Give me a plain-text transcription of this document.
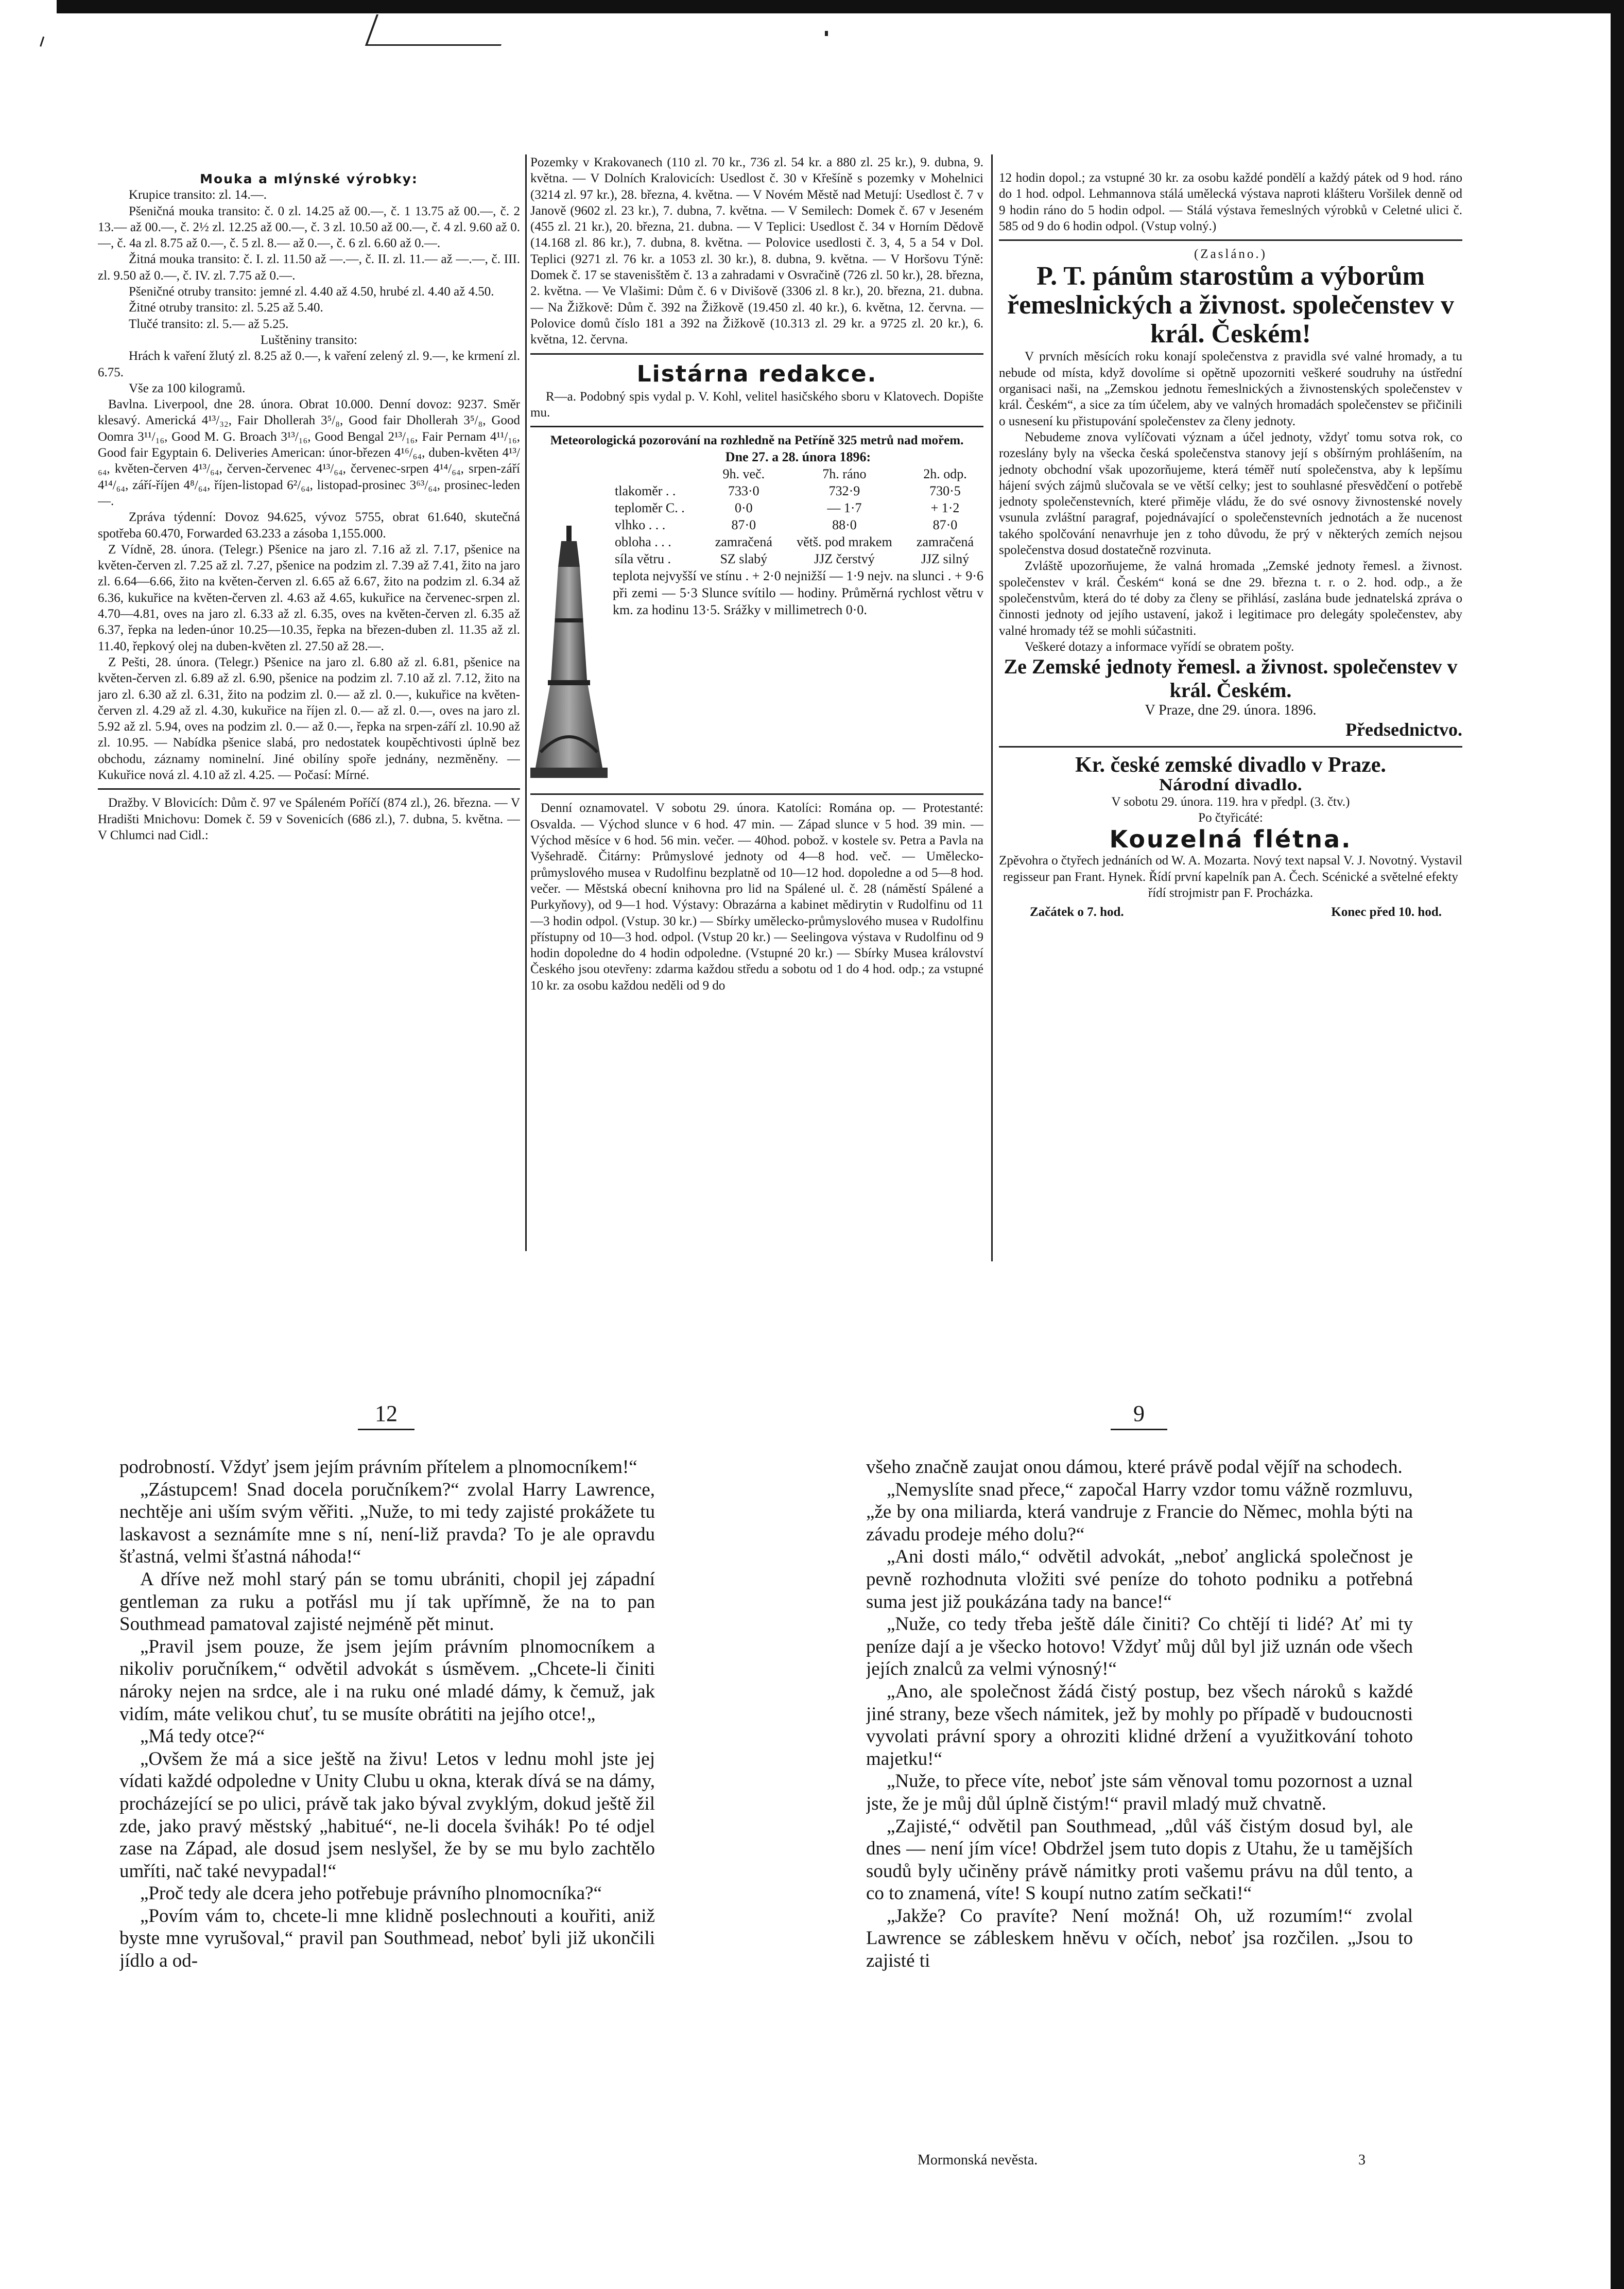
Mouka a mlýnské výrobky:

Krupice transito: zl. 14.—.

Pšeničná mouka transito: č. 0 zl. 14.25 až 00.—, č. 1 13.75 až 00.—, č. 2 13.— až 00.—, č. 2½ zl. 12.25 až 00.—, č. 3 zl. 10.50 až 00.—, č. 4 zl. 9.60 až 0.—, č. 4a zl. 8.75 až 0.—, č. 5 zl. 8.— až 0.—, č. 6 zl. 6.60 až 0.—.

Žitná mouka transito: č. I. zl. 11.50 až —.—, č. II. zl. 11.— až —.—, č. III. zl. 9.50 až 0.—, č. IV. zl. 7.75 až 0.—.

Pšeničné otruby transito: jemné zl. 4.40 až 4.50, hrubé zl. 4.40 až 4.50.

Žitné otruby transito: zl. 5.25 až 5.40.

Tlučé transito: zl. 5.— až 5.25.

Luštěniny transito:

Hrách k vaření žlutý zl. 8.25 až 0.—, k vaření zelený zl. 9.—, ke krmení zl. 6.75.

Vše za 100 kilogramů.

Bavlna. Liverpool, dne 28. února. Obrat 10.000. Denní dovoz: 9237. Směr klesavý. Americká 4¹³/₃₂, Fair Dhollerah 3⁵/₈, Good fair Dhollerah 3⁵/₈, Good Oomra 3¹¹/₁₆, Good M. G. Broach 3¹³/₁₆, Good Bengal 2¹³/₁₆, Fair Pernam 4¹¹/₁₆, Good fair Egyptain 6. Deliveries American: únor-březen 4¹⁶/₆₄, duben-květen 4¹³/₆₄, květen-červen 4¹³/₆₄, červen-červenec 4¹³/₆₄, červenec-srpen 4¹⁴/₆₄, srpen-září 4¹⁴/₆₄, září-říjen 4⁸/₆₄, říjen-listopad 6²/₆₄, listopad-prosinec 3⁶³/₆₄, prosinec-leden —.

Zpráva týdenní: Dovoz 94.625, vývoz 5755, obrat 61.640, skutečná spotřeba 60.470, Forwarded 63.233 a zásoba 1,155.000.

Z Vídně, 28. února. (Telegr.) Pšenice na jaro zl. 7.16 až zl. 7.17, pšenice na květen-červen zl. 7.25 až zl. 7.27, pšenice na podzim zl. 7.39 až 7.41, žito na jaro zl. 6.64—6.66, žito na květen-červen zl. 6.65 až 6.67, žito na podzim zl. 6.34 až 6.36, kukuřice na květen-červen zl. 4.63 až 4.65, kukuřice na červenec-srpen zl. 4.70—4.81, oves na jaro zl. 6.33 až zl. 6.35, oves na květen-červen zl. 6.35 až 6.37, řepka na leden-únor 10.25—10.35, řepka na březen-duben zl. 11.35 až zl. 11.40, řepkový olej na duben-květen zl. 27.50 až 28.—.

Z Pešti, 28. února. (Telegr.) Pšenice na jaro zl. 6.80 až zl. 6.81, pšenice na květen-červen zl. 6.89 až zl. 6.90, pšenice na podzim zl. 7.10 až zl. 7.12, žito na jaro zl. 6.30 až zl. 6.31, žito na podzim zl. 0.— až zl. 0.—, kukuřice na květen-červen zl. 4.29 až zl. 4.30, kukuřice na říjen zl. 0.— až zl. 0.—, oves na jaro zl. 5.92 až zl. 5.94, oves na podzim zl. 0.— až 0.—, řepka na srpen-září zl. 10.90 až zl. 10.95. — Nabídka pšenice slabá, pro nedostatek koupěchtivosti úplně bez obchodu, záznamy nominelní. Jiné obilíny spoře jednány, nezměněny. — Kukuřice nová zl. 4.10 až zl. 4.25. — Počasí: Mírné.

Dražby. V Blovicích: Dům č. 97 ve Spáleném Poříčí (874 zl.), 26. března. — V Hradišti Mnichovu: Domek č. 59 v Sovenicích (686 zl.), 7. dubna, 5. května. — V Chlumci nad Cidl.:

Pozemky v Krakovanech (110 zl. 70 kr., 736 zl. 54 kr. a 880 zl. 25 kr.), 9. dubna, 9. května. — V Dolních Kralovicích: Usedlost č. 30 v Křešíně s pozemky v Mohelnici (3214 zl. 97 kr.), 28. března, 4. května. — V Novém Městě nad Metují: Usedlost č. 7 v Janově (9602 zl. 23 kr.), 7. dubna, 7. května. — V Semilech: Domek č. 67 v Jeseném (455 zl. 21 kr.), 20. března, 21. dubna. — V Teplici: Usedlost č. 34 v Horním Dědově (14.168 zl. 86 kr.), 7. dubna, 8. května. — Polovice usedlosti č. 3, 4, 5 a 54 v Dol. Teplici (9271 zl. 76 kr. a 1053 zl. 30 kr.), 8. dubna, 9. května. — V Horšovu Týně: Domek č. 17 se stavenisštěm č. 13 a zahradami v Osvračině (726 zl. 50 kr.), 28. března, 2. května. — Ve Vlašimi: Dům č. 6 v Divišově (3306 zl. 8 kr.), 20. března, 21. dubna. — Na Žižkově: Dům č. 392 na Žižkově (19.450 zl. 40 kr.), 6. května, 12. června. — Polovice domů číslo 181 a 392 na Žižkově (10.313 zl. 29 kr. a 9725 zl. 20 kr.), 6. května, 12. června.

Listárna redakce.

R—a. Podobný spis vydal p. V. Kohl, velitel hasičského sboru v Klatovech. Dopište mu.

Meteorologická pozorování na rozhledně na Petříně 325 metrů nad mořem.
Dne 27. a 28. února 1896:
	9h. več.	7h. ráno	2h. odp.
tlakoměr . .	733·0	732·9	730·5
teploměr C. .	0·0	— 1·7	+ 1·2
vlhko . . .	87·0	88·0	87·0
obloha . . .	zamračená	větš. pod mrakem	zamračená
síla větru .	SZ slabý	JJZ čerstvý	JJZ silný

teplota nejvyšší ve stínu . + 2·0 nejnižší — 1·9 nejv. na slunci . + 9·6 při zemi — 5·3 Slunce svítilo — hodiny. Průměrná rychlost větru v km. za hodinu 13·5. Srážky v millimetrech 0·0.

Denní oznamovatel. V sobotu 29. února. Katolíci: Romána op. — Protestanté: Osvalda. — Východ slunce v 6 hod. 47 min. — Západ slunce v 5 hod. 39 min. — Východ měsíce v 6 hod. 56 min. večer. — 40hod. pobož. v kostele sv. Petra a Pavla na Vyšehradě. Čitárny: Průmyslové jednoty od 4—8 hod. več. — Umělecko-průmyslového musea v Rudolfinu bezplatně od 10—12 hod. dopoledne a od 5—8 hod. večer. — Městská obecní knihovna pro lid na Spálené ul. č. 28 (náměstí Spálené a Purkyňovy), od 9—1 hod. Výstavy: Obrazárna a kabinet mědirytin v Rudolfinu od 11—3 hodin odpol. (Vstup. 30 kr.) — Sbírky umělecko-průmyslového musea v Rudolfinu přístupny od 10—3 hod. odpol. (Vstup 20 kr.) — Seelingova výstava v Rudolfinu od 9 hodin dopoledne do 4 hodin odpoledne. (Vstupné 20 kr.) — Sbírky Musea království Českého jsou otevřeny: zdarma každou středu a sobotu od 1 do 4 hod. odp.; za vstupné 10 kr. za osobu každou neděli od 9 do

12 hodin dopol.; za vstupné 30 kr. za osobu každé pondělí a každý pátek od 9 hod. ráno do 1 hod. odpol. Lehmannova stálá umělecká výstava naproti klášteru Voršilek denně od 9 hodin ráno do 5 hodin odpol. — Stálá výstava řemeslných výrobků v Celetné ulici č. 585 od 9 do 6 hodin odpol. (Vstup volný.)

(Zasláno.)
P. T. pánům starostům a výborům řemeslnických a živnost. společenstev v král. Českém!

V prvních měsících roku konají společenstva z pravidla své valné hromady, a tu nebude od místa, když dovolíme si opětně upozorniti veškeré soudruhy na ústřední organisaci naši, na „Zemskou jednotu řemeslnických a živnostenských společenstev v král. Českém“, a sice za tím účelem, aby ve valných hromadách společenstev se přičinili o usnesení ku přistupování společenstev za členy jednoty.

Nebudeme znova vylíčovati význam a účel jednoty, vždyť tomu sotva rok, co rozeslány byly na všecka česká společenstva stanovy její s obšírným prohlášením, na jednoty obchodní však upozorňujeme, která téměř nutí společenstva, aby k lepšímu hájení svých zájmů slučovala se ve větší celky; jest to souhlasné přesvědčení o potřebě jednoty společenstevních, které přiměje vládu, že do své osnovy živnostenské novely vsunula zvláštní paragraf, pojednávající o společenstevních jednotách a že nucenost takého spolčování nenavrhuje jen z toho důvodu, že prý v některých zemích nejsou společenstva dosud dostatečně rozvinuta.

Zvláště upozorňujeme, že valná hromada „Zemské jednoty řemesl. a živnost. společenstev v král. Českém“ koná se dne 29. března t. r. o 2. hod. odp., a že společenstvům, která do té doby za členy se přihlásí, zaslána bude jednatelská zpráva o činnosti jednoty od jejího ustavení, jakož i legitimace pro delegáty společenstev, aby valné hromady též se mohli súčastniti.

Veškeré dotazy a informace vyřídí se obratem pošty.

Ze Zemské jednoty řemesl. a živnost. společenstev v král. Českém.
V Praze, dne 29. února. 1896.
Předsednictvo.
Kr. české zemské divadlo v Praze.
Národní divadlo.
V sobotu 29. února. 119. hra v předpl. (3. čtv.)
Po čtyřicáté:
Kouzelná flétna.

Zpěvohra o čtyřech jednáních od W. A. Mozarta. Nový text napsal V. J. Novotný. Vystavil regisseur pan Frant. Hynek. Řídí první kapelník pan A. Čech. Scénické a světelné efekty řídí strojmistr pan F. Procházka.

Začátek o 7. hod.	Konec před 10. hod.
12	9

podrobností. Vždyť jsem jejím právním přítelem a plnomocníkem!“

„Zástupcem! Snad docela poručníkem?“ zvolal Harry Lawrence, nechtěje ani uším svým věřiti. „Nuže, to mi tedy zajisté prokážete tu laskavost a seznámíte mne s ní, není-liž pravda? To je ale opravdu šťastná, velmi šťastná náhoda!“

A dříve než mohl starý pán se tomu ubrániti, chopil jej západní gentleman za ruku a potřásl mu jí tak upřímně, že na to pan Southmead pamatoval zajisté nejméně pět minut.

„Pravil jsem pouze, že jsem jejím právním plnomocníkem a nikoliv poručníkem,“ odvětil advokát s úsměvem. „Chcete-li činiti nároky nejen na srdce, ale i na ruku oné mladé dámy, k čemuž, jak vidím, máte velikou chuť, tu se musíte obrátiti na jejího otce!„

„Má tedy otce?“

„Ovšem že má a sice ještě na živu! Letos v lednu mohl jste jej vídati každé odpoledne v Unity Clubu u okna, kterak dívá se na dámy, procházející se po ulici, právě tak jako býval zvyklým, dokud ještě žil zde, jako pravý městský „habitué“, ne-li docela švihák! Po té odjel zase na Západ, ale dosud jsem neslyšel, že by se mu bylo zachtělo umříti, nač také nevypadal!“

„Proč tedy ale dcera jeho potřebuje právního plnomocníka?“

„Povím vám to, chcete-li mne klidně poslechnouti a kouřiti, aniž byste mne vyrušoval,“ pravil pan Southmead, neboť byli již ukončili jídlo a od-

všeho značně zaujat onou dámou, které právě podal vějíř na schodech.

„Nemyslíte snad přece,“ započal Harry vzdor tomu vážně rozmluvu, „že by ona miliarda, která vandruje z Francie do Němec, mohla býti na závadu prodeje mého dolu?“

„Ani dosti málo,“ odvětil advokát, „neboť anglická společnost je pevně rozhodnuta vložiti své peníze do tohoto podniku a potřebná suma jest již poukázána tady na bance!“

„Nuže, co tedy třeba ještě dále činiti? Co chtějí ti lidé? Ať mi ty peníze dají a je všecko hotovo! Vždyť můj důl byl již uznán ode všech jejích znalců za velmi výnosný!“

„Ano, ale společnost žádá čistý postup, bez všech nároků s každé jiné strany, beze všech námitek, jež by mohly po případě v budoucnosti vyvolati právní spory a ohroziti klidné držení a využitkování tohoto majetku!“

„Nuže, to přece víte, neboť jste sám věnoval tomu pozornost a uznal jste, že je můj důl úplně čistým!“ pravil mladý muž chvatně.

„Zajisté,“ odvětil pan Southmead, „důl váš čistým dosud byl, ale dnes — není jím více! Obdržel jsem tuto dopis z Utahu, že u tamějších soudů byly učiněny právě námitky proti vašemu právu na důl tento, a co to znamená, víte! S koupí nutno zatím sečkati!“

„Jakže? Co pravíte? Není možná! Oh, už rozumím!“ zvolal Lawrence se zábleskem hněvu v očích, neboť jsa rozčilen. „Jsou to zajisté ti

Mormonská nevěsta.	3
